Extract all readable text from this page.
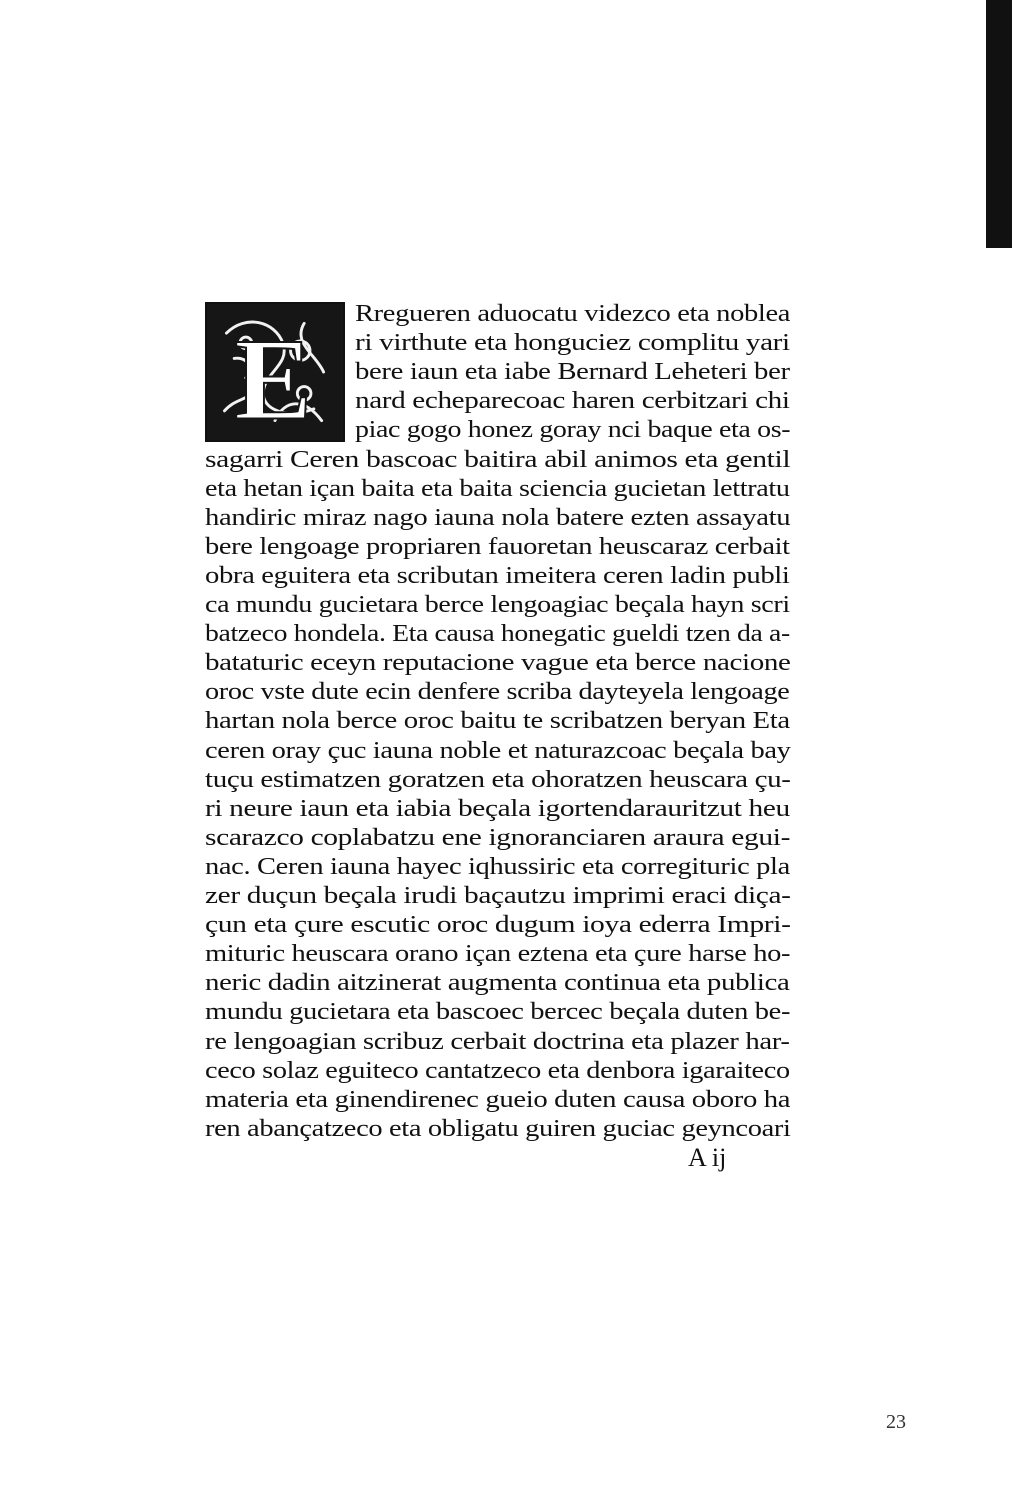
E
Rregueren aduocatu videzco eta noblea
ri virthute eta honguciez complitu yari
bere iaun eta iabe Bernard Leheteri ber
nard echeparecoac haren cerbitzari chi
piac gogo honez goray nci baque eta os-
sagarri Ceren bascoac baitira abil animos eta gentil
eta hetan içan baita eta baita sciencia gucietan lettratu
handiric miraz nago iauna nola batere ezten assayatu
bere lengoage propriaren fauoretan heuscaraz cerbait
obra eguitera eta scributan imeitera ceren ladin publi
ca mundu gucietara berce lengoagiac beçala hayn scri
batzeco hondela. Eta causa honegatic gueldi tzen da a-
bataturic eceyn reputacione vague eta berce nacione
oroc vste dute ecin denfere scriba dayteyela lengoage
hartan nola berce oroc baitu te scribatzen beryan Eta
ceren oray çuc iauna noble et naturazcoac beçala bay
tuçu estimatzen goratzen eta ohoratzen heuscara çu-
ri neure iaun eta iabia beçala igortendarauritzut heu
scarazco coplabatzu ene ignoranciaren araura egui-
nac. Ceren iauna hayec iqhussiric eta corregituric pla
zer duçun beçala irudi baçautzu imprimi eraci diça-
çun eta çure escutic oroc dugum ioya ederra Impri-
mituric heuscara orano içan eztena eta çure harse ho-
neric dadin aitzinerat augmenta continua eta publica
mundu gucietara eta bascoec bercec beçala duten be-
re lengoagian scribuz cerbait doctrina eta plazer har-
ceco solaz eguiteco cantatzeco eta denbora igaraiteco
materia eta ginendirenec gueio duten causa oboro ha
ren abançatzeco eta obligatu guiren guciac geyncoari
A ij
23
